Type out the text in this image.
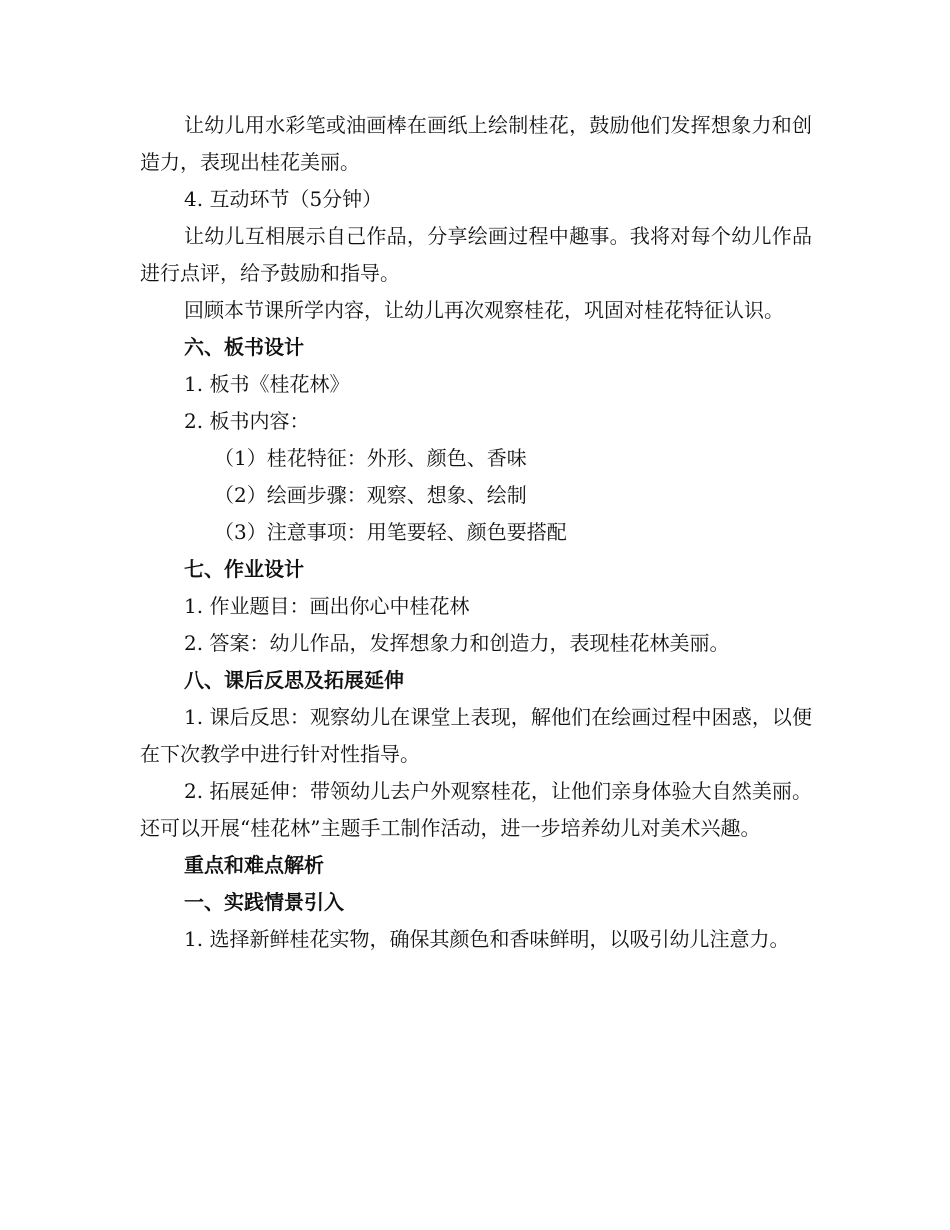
让幼儿用水彩笔或油画棒在画纸上绘制桂花，鼓励他们发挥想象力和创造力，表现出桂花美丽。

4. 互动环节（5分钟）

让幼儿互相展示自己作品，分享绘画过程中趣事。我将对每个幼儿作品进行点评，给予鼓励和指导。

回顾本节课所学内容，让幼儿再次观察桂花，巩固对桂花特征认识。

六、板书设计

1. 板书《桂花林》

2. 板书内容：

（1）桂花特征：外形、颜色、香味

（2）绘画步骤：观察、想象、绘制

（3）注意事项：用笔要轻、颜色要搭配

七、作业设计

1. 作业题目：画出你心中桂花林

2. 答案：幼儿作品，发挥想象力和创造力，表现桂花林美丽。

八、课后反思及拓展延伸

1. 课后反思：观察幼儿在课堂上表现，解他们在绘画过程中困惑，以便在下次教学中进行针对性指导。

2. 拓展延伸：带领幼儿去户外观察桂花，让他们亲身体验大自然美丽。还可以开展“桂花林”主题手工制作活动，进一步培养幼儿对美术兴趣。

重点和难点解析

一、实践情景引入

1. 选择新鲜桂花实物，确保其颜色和香味鲜明，以吸引幼儿注意力。
